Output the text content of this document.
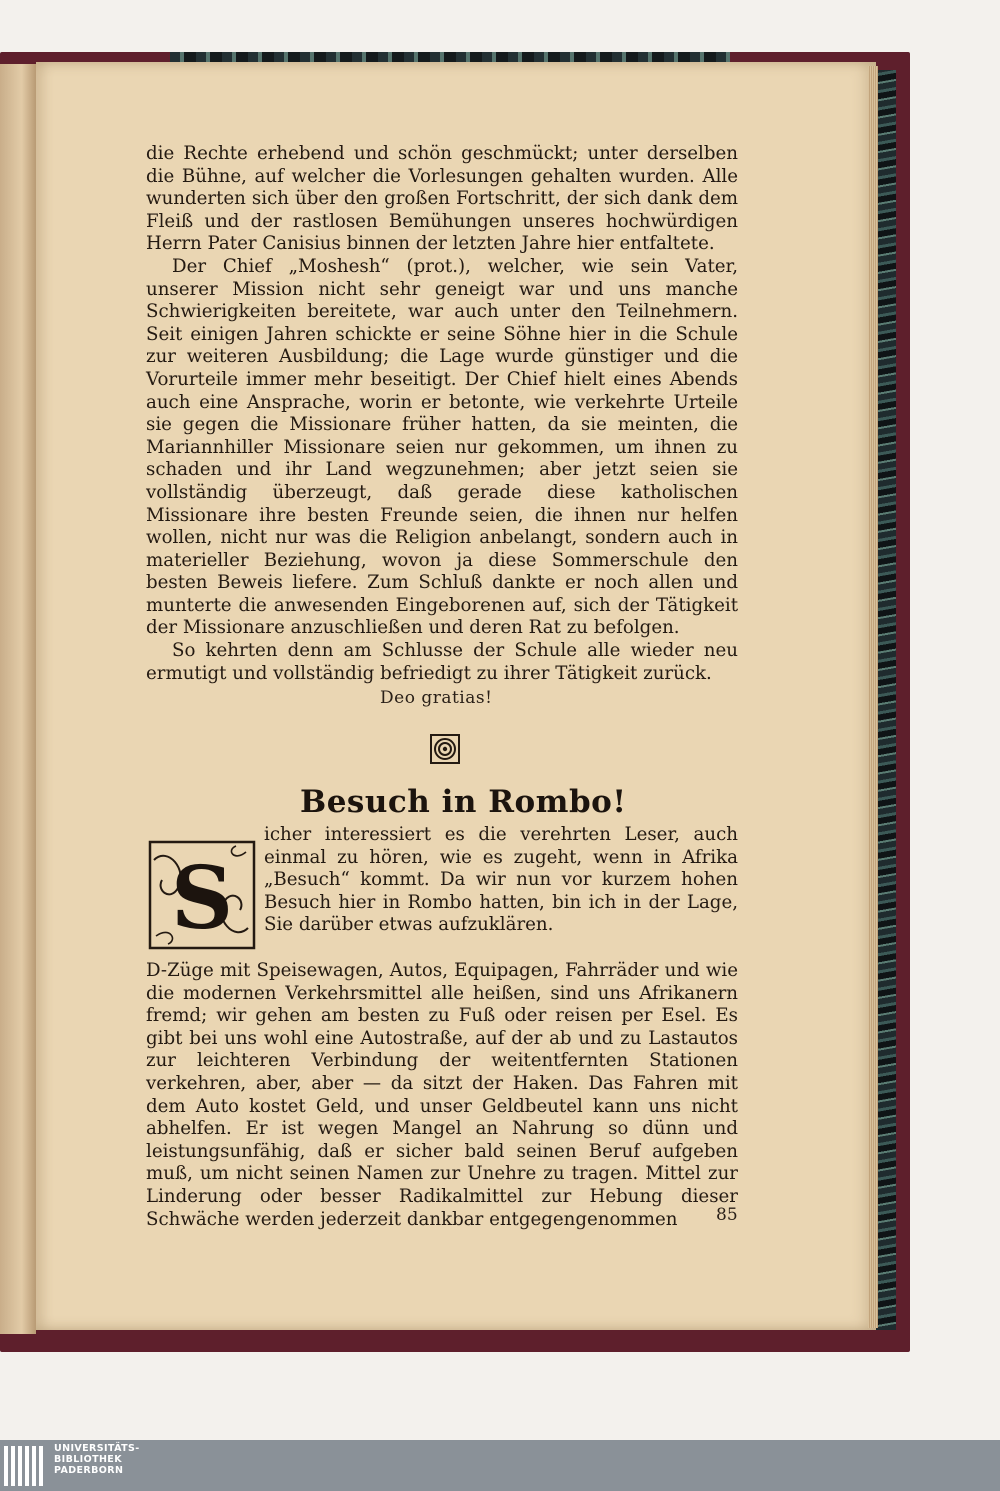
die Rechte erhebend und schön geschmückt; unter derselben die Bühne, auf welcher die Vorlesungen gehalten wurden. Alle wunderten sich über den großen Fortschritt, der sich dank dem Fleiß und der rastlosen Bemühungen unseres hochwürdigen Herrn Pater Canisius binnen der letzten Jahre hier entfaltete.

Der Chief „Moshesh“ (prot.), welcher, wie sein Vater, unserer Mission nicht sehr geneigt war und uns manche Schwierigkeiten bereitete, war auch unter den Teilnehmern. Seit einigen Jahren schickte er seine Söhne hier in die Schule zur weiteren Ausbildung; die Lage wurde günstiger und die Vorurteile immer mehr beseitigt. Der Chief hielt eines Abends auch eine Ansprache, worin er betonte, wie verkehrte Urteile sie gegen die Missionare früher hatten, da sie meinten, die Mariannhiller Missionare seien nur gekommen, um ihnen zu schaden und ihr Land wegzunehmen; aber jetzt seien sie vollständig überzeugt, daß gerade diese katholischen Missionare ihre besten Freunde seien, die ihnen nur helfen wollen, nicht nur was die Religion anbelangt, sondern auch in materieller Beziehung, wovon ja diese Sommerschule den besten Beweis liefere. Zum Schluß dankte er noch allen und munterte die anwesenden Eingeborenen auf, sich der Tätigkeit der Missionare anzuschließen und deren Rat zu befolgen.

So kehrten denn am Schlusse der Schule alle wieder neu ermutigt und vollständig befriedigt zu ihrer Tätigkeit zurück.

Deo gratias!
Besuch in Rombo!
S
icher interessiert es die verehrten Leser, auch einmal zu hören, wie es zugeht, wenn in Afrika „Besuch“ kommt. Da wir nun vor kurzem hohen Besuch hier in Rombo hatten, bin ich in der Lage, Sie darüber etwas aufzuklären.
D-Züge mit Speisewagen, Autos, Equipagen, Fahrräder und wie die modernen Verkehrsmittel alle heißen, sind uns Afrikanern fremd; wir gehen am besten zu Fuß oder reisen per Esel. Es gibt bei uns wohl eine Autostraße, auf der ab und zu Lastautos zur leichteren Verbindung der weitentfernten Stationen verkehren, aber, aber — da sitzt der Haken. Das Fahren mit dem Auto kostet Geld, und unser Geldbeutel kann uns nicht abhelfen. Er ist wegen Mangel an Nahrung so dünn und leistungsunfähig, daß er sicher bald seinen Beruf aufgeben muß, um nicht seinen Namen zur Unehre zu tragen. Mittel zur Linderung oder besser Radikalmittel zur Hebung dieser Schwäche werden jederzeit dankbar entgegengenommen	85
UNIVERSITÄTS-
BIBLIOTHEK
PADERBORN
